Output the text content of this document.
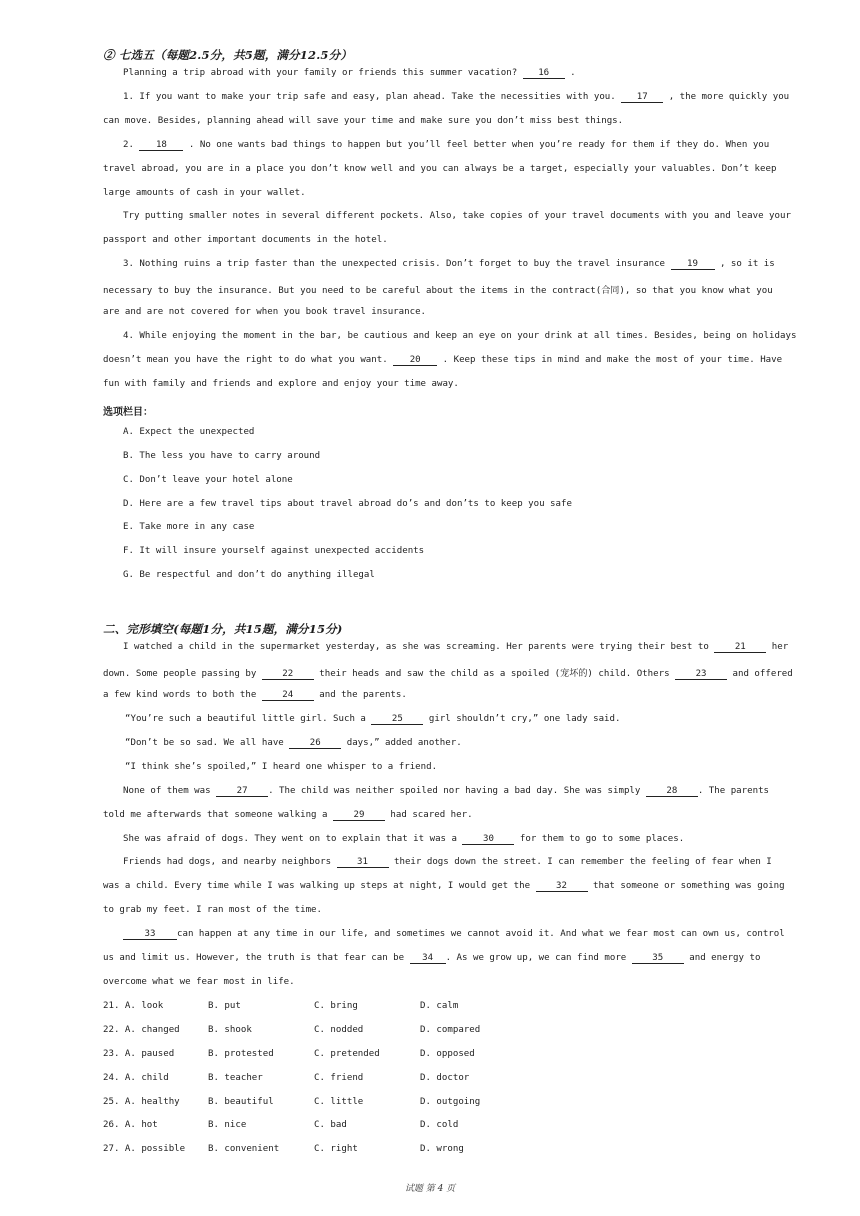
② 七选五（每题2.5分，共5题，满分12.5分）
Planning a trip abroad with your family or friends this summer vacation? 16 .
1. If you want to make your trip safe and easy, plan ahead. Take the necessities with you. 17 , the more quickly you
can move. Besides, planning ahead will save your time and make sure you don’t miss best things.
2. 18 . No one wants bad things to happen but you’ll feel better when you’re ready for them if they do. When you
travel abroad, you are in a place you don’t know well and you can always be a target, especially your valuables. Don’t keep
large amounts of cash in your wallet.
Try putting smaller notes in several different pockets. Also, take copies of your travel documents with you and leave your
passport and other important documents in the hotel.
3. Nothing ruins a trip faster than the unexpected crisis. Don’t forget to buy the travel insurance 19 , so it is
necessary to buy the insurance. But you need to be careful about the items in the contract(合同), so that you know what you
are and are not covered for when you book travel insurance.
4. While enjoying the moment in the bar, be cautious and keep an eye on your drink at all times. Besides, being on holidays
doesn’t mean you have the right to do what you want. 20 . Keep these tips in mind and make the most of your time. Have
fun with family and friends and explore and enjoy your time away.
选项栏目：
A. Expect the unexpected
B. The less you have to carry around
C. Don’t leave your hotel alone
D. Here are a few travel tips about travel abroad do’s and don’ts to keep you safe
E. Take more in any case
F. It will insure yourself against unexpected accidents
G. Be respectful and don’t do anything illegal
二、完形填空(每题1分，共15题，满分15分)
I watched a child in the supermarket yesterday, as she was screaming. Her parents were trying their best to 21 her
down. Some people passing by 22 their heads and saw the child as a spoiled (宠坏的) child. Others 23 and offered
a few kind words to both the 24 and the parents.
“You’re such a beautiful little girl. Such a 25 girl shouldn’t cry,” one lady said.
“Don’t be so sad. We all have 26 days,” added another.
“I think she’s spoiled,” I heard one whisper to a friend.
None of them was 27 . The child was neither spoiled nor having a bad day. She was simply 28 . The parents
told me afterwards that someone walking a 29 had scared her.
She was afraid of dogs. They went on to explain that it was a 30 for them to go to some places.
Friends had dogs, and nearby neighbors 31 their dogs down the street. I can remember the feeling of fear when I
was a child. Every time while I was walking up steps at night, I would get the 32 that someone or something was going
to grab my feet. I ran most of the time.
33 can happen at any time in our life, and sometimes we cannot avoid it. And what we fear most can own us, control
us and limit us. However, the truth is that fear can be 34 . As we grow up, we can find more 35 and energy to
overcome what we fear most in life.
21. A. look	B. put	C. bring	D. calm
22. A. changed	B. shook	C. nodded	D. compared
23. A. paused	B. protested	C. pretended	D. opposed
24. A. child	B. teacher	C. friend	D. doctor
25. A. healthy	B. beautiful	C. little	D. outgoing
26. A. hot	B. nice	C. bad	D. cold
27. A. possible	B. convenient	C. right	D. wrong
试题 第 4 页
